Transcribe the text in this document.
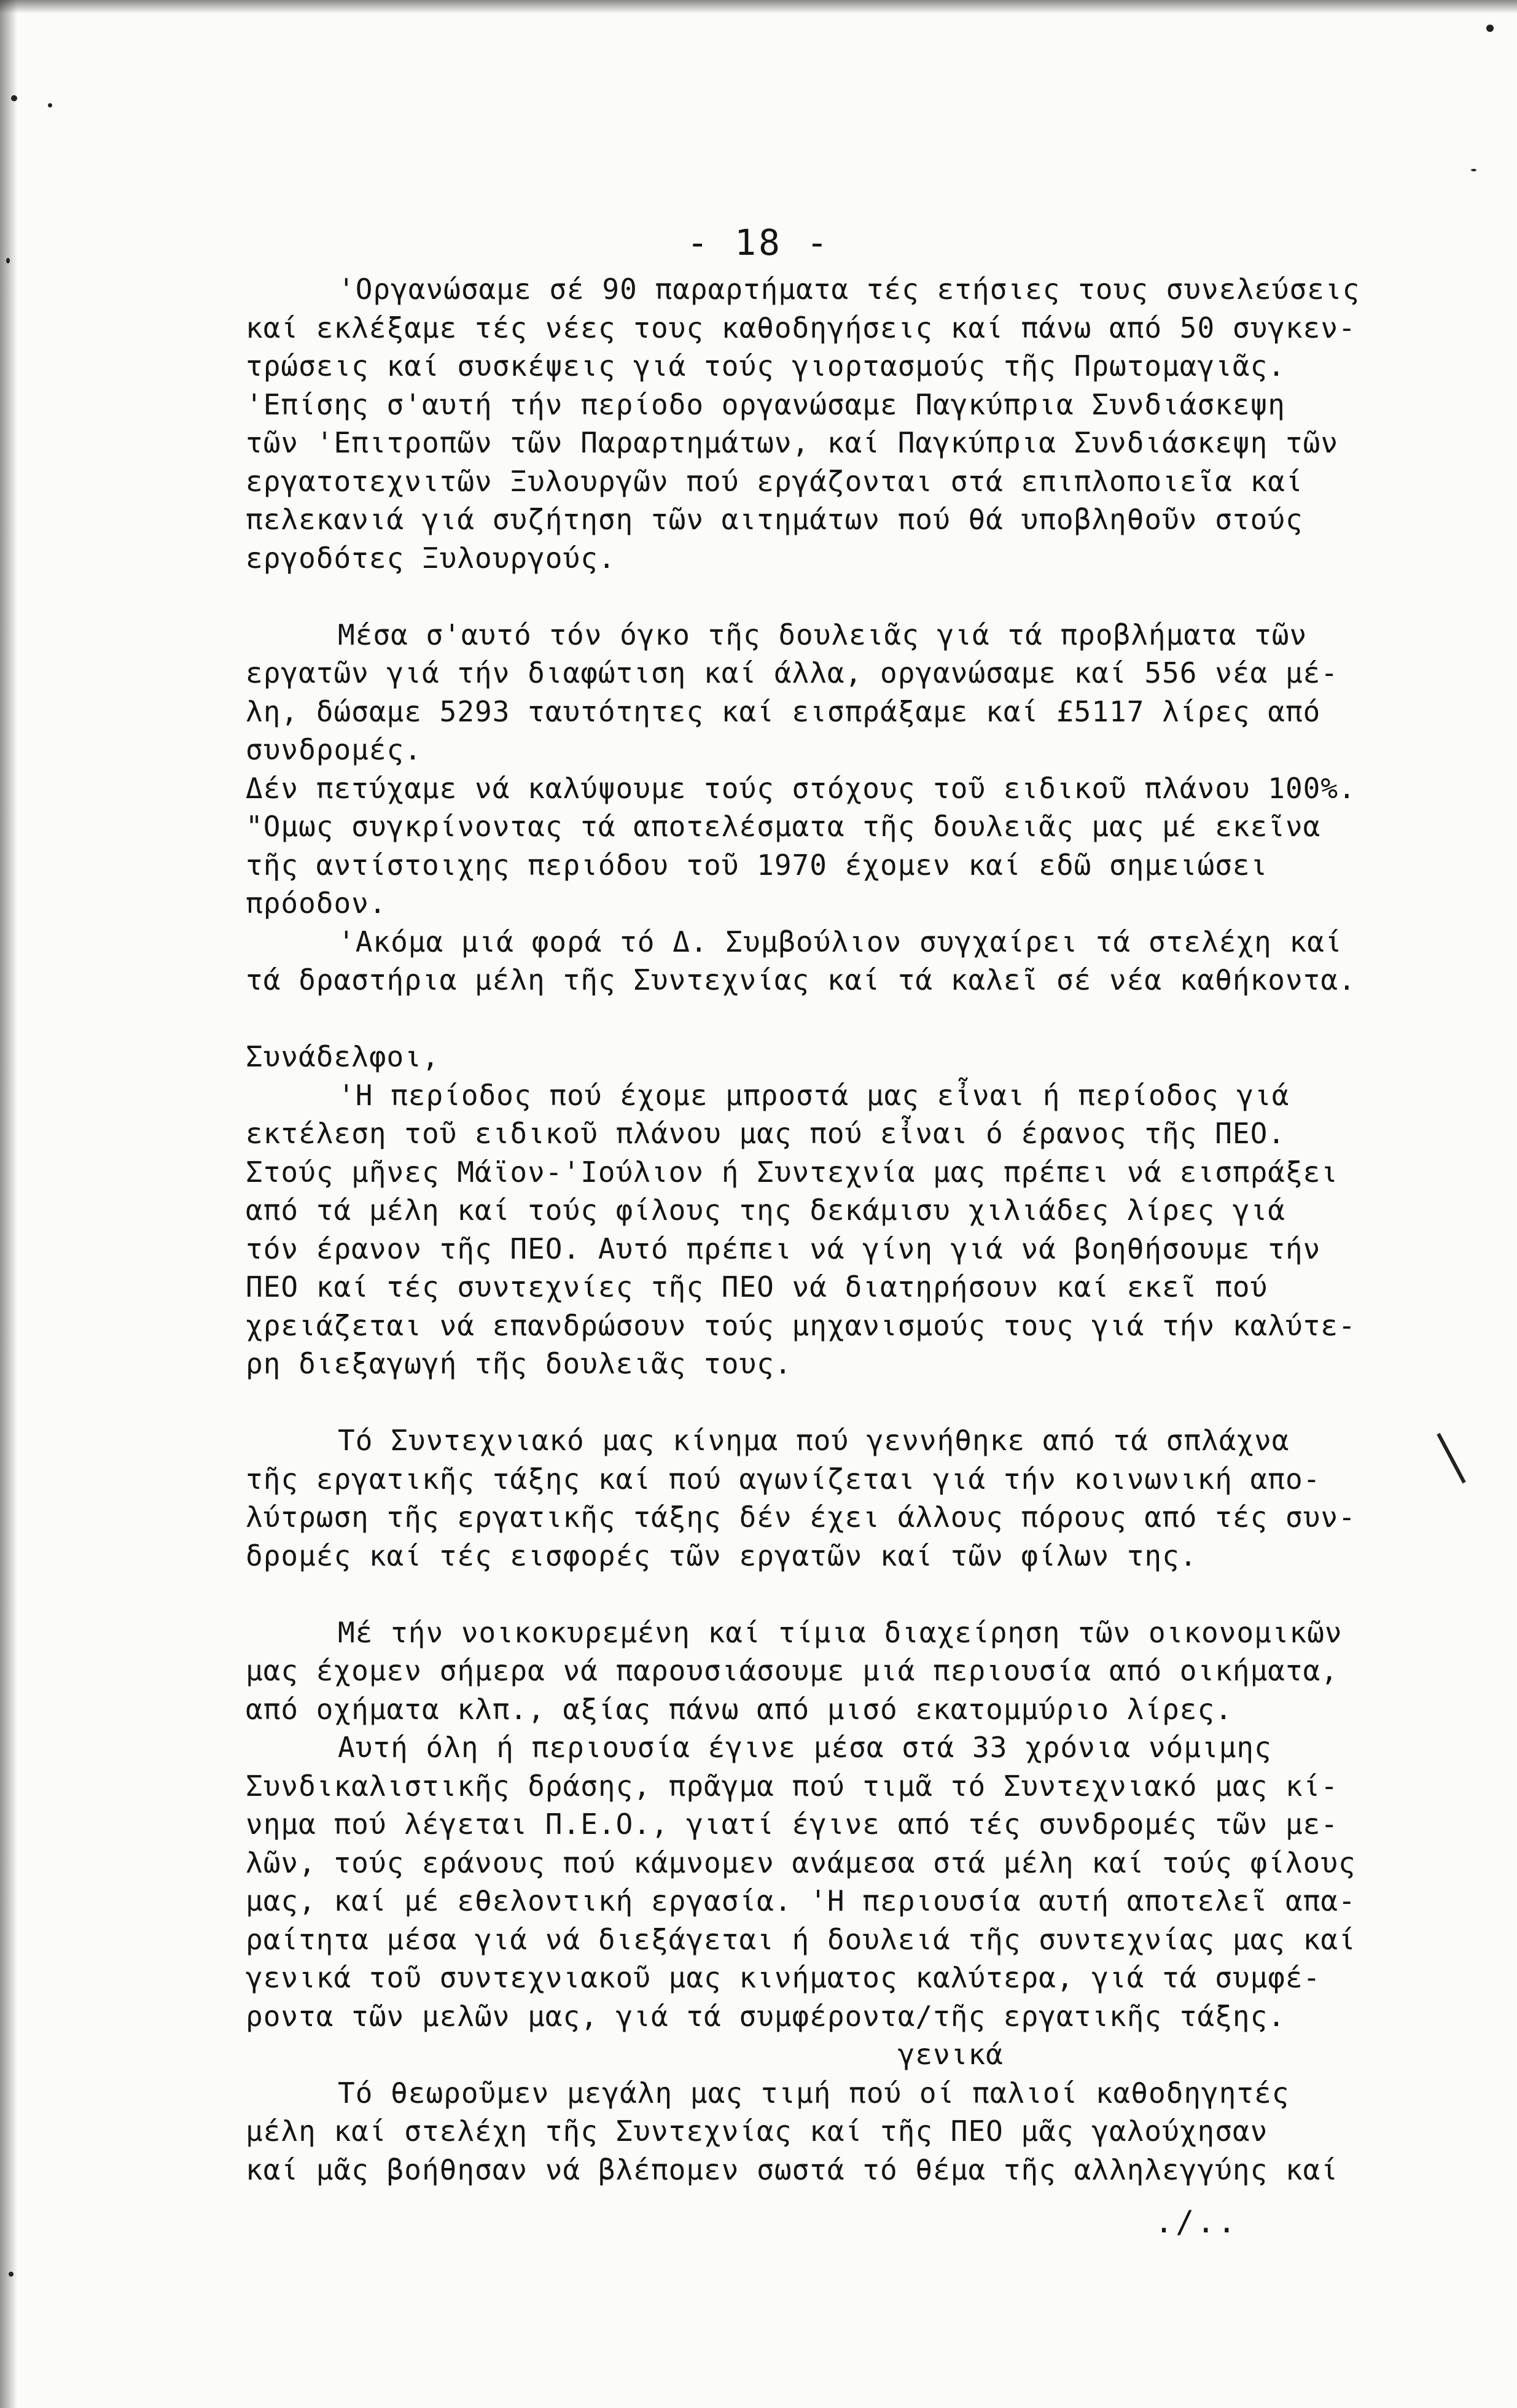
- 18 -
'Οργανώσαμε σέ 90 παραρτήματα τές ετήσιες τους συνελεύσεις
καί εκλέξαμε τές νέες τους καθοδηγήσεις καί πάνω από 50 συγκεν-
τρώσεις καί συσκέψεις γιά τούς γιορτασμούς τῆς Πρωτομαγιᾶς.
'Επίσης σ'αυτή τήν περίοδο οργανώσαμε Παγκύπρια Συνδιάσκεψη
τῶν 'Επιτροπῶν τῶν Παραρτημάτων, καί Παγκύπρια Συνδιάσκεψη τῶν
εργατοτεχνιτῶν Ξυλουργῶν πού εργάζονται στά επιπλοποιεῖα καί
πελεκανιά γιά συζήτηση τῶν αιτημάτων πού θά υποβληθοῦν στούς
εργοδότες Ξυλουργούς.
Μέσα σ'αυτό τόν όγκο τῆς δουλειᾶς γιά τά προβλήματα τῶν
εργατῶν γιά τήν διαφώτιση καί άλλα, οργανώσαμε καί 556 νέα μέ-
λη, δώσαμε 5293 ταυτότητες καί εισπράξαμε καί £5117 λίρες από
συνδρομές.
Δέν πετύχαμε νά καλύψουμε τούς στόχους τοῦ ειδικοῦ πλάνου 100%.
"Ομως συγκρίνοντας τά αποτελέσματα τῆς δουλειᾶς μας μέ εκεῖνα
τῆς αντίστοιχης περιόδου τοῦ 1970 έχομεν καί εδῶ σημειώσει
πρόοδον.
'Ακόμα μιά φορά τό Δ. Συμβούλιον συγχαίρει τά στελέχη καί
τά δραστήρια μέλη τῆς Συντεχνίας καί τά καλεῖ σέ νέα καθήκοντα.
Συνάδελφοι,
'Η περίοδος πού έχομε μπροστά μας εἶναι ή περίοδος γιά
εκτέλεση τοῦ ειδικοῦ πλάνου μας πού εἶναι ό έρανος τῆς ΠΕΟ.
Στούς μῆνες Μάϊον-'Ιούλιον ή Συντεχνία μας πρέπει νά εισπράξει
από τά μέλη καί τούς φίλους της δεκάμισυ χιλιάδες λίρες γιά
τόν έρανον τῆς ΠΕΟ. Αυτό πρέπει νά γίνη γιά νά βοηθήσουμε τήν
ΠΕΟ καί τές συντεχνίες τῆς ΠΕΟ νά διατηρήσουν καί εκεῖ πού
χρειάζεται νά επανδρώσουν τούς μηχανισμούς τους γιά τήν καλύτε-
ρη διεξαγωγή τῆς δουλειᾶς τους.
Τό Συντεχνιακό μας κίνημα πού γεννήθηκε από τά σπλάχνα
τῆς εργατικῆς τάξης καί πού αγωνίζεται γιά τήν κοινωνική απο-
λύτρωση τῆς εργατικῆς τάξης δέν έχει άλλους πόρους από τές συν-
δρομές καί τές εισφορές τῶν εργατῶν καί τῶν φίλων της.
Μέ τήν νοικοκυρεμένη καί τίμια διαχείρηση τῶν οικονομικῶν
μας έχομεν σήμερα νά παρουσιάσουμε μιά περιουσία από οικήματα,
από οχήματα κλπ., αξίας πάνω από μισό εκατομμύριο λίρες.
Αυτή όλη ή περιουσία έγινε μέσα στά 33 χρόνια νόμιμης
Συνδικαλιστικῆς δράσης, πρᾶγμα πού τιμᾶ τό Συντεχνιακό μας κί-
νημα πού λέγεται Π.Ε.Ο., γιατί έγινε από τές συνδρομές τῶν με-
λῶν, τούς εράνους πού κάμνομεν ανάμεσα στά μέλη καί τούς φίλους
μας, καί μέ εθελοντική εργασία. 'Η περιουσία αυτή αποτελεῖ απα-
ραίτητα μέσα γιά νά διεξάγεται ή δουλειά τῆς συντεχνίας μας καί
γενικά τοῦ συντεχνιακοῦ μας κινήματος καλύτερα, γιά τά συμφέ-
ροντα τῶν μελῶν μας, γιά τά συμφέροντα/τῆς εργατικῆς τάξης.
γενικά
Τό θεωροῦμεν μεγάλη μας τιμή πού οί παλιοί καθοδηγητές
μέλη καί στελέχη τῆς Συντεχνίας καί τῆς ΠΕΟ μᾶς γαλούχησαν
καί μᾶς βοήθησαν νά βλέπομεν σωστά τό θέμα τῆς αλληλεγγύης καί
./..
